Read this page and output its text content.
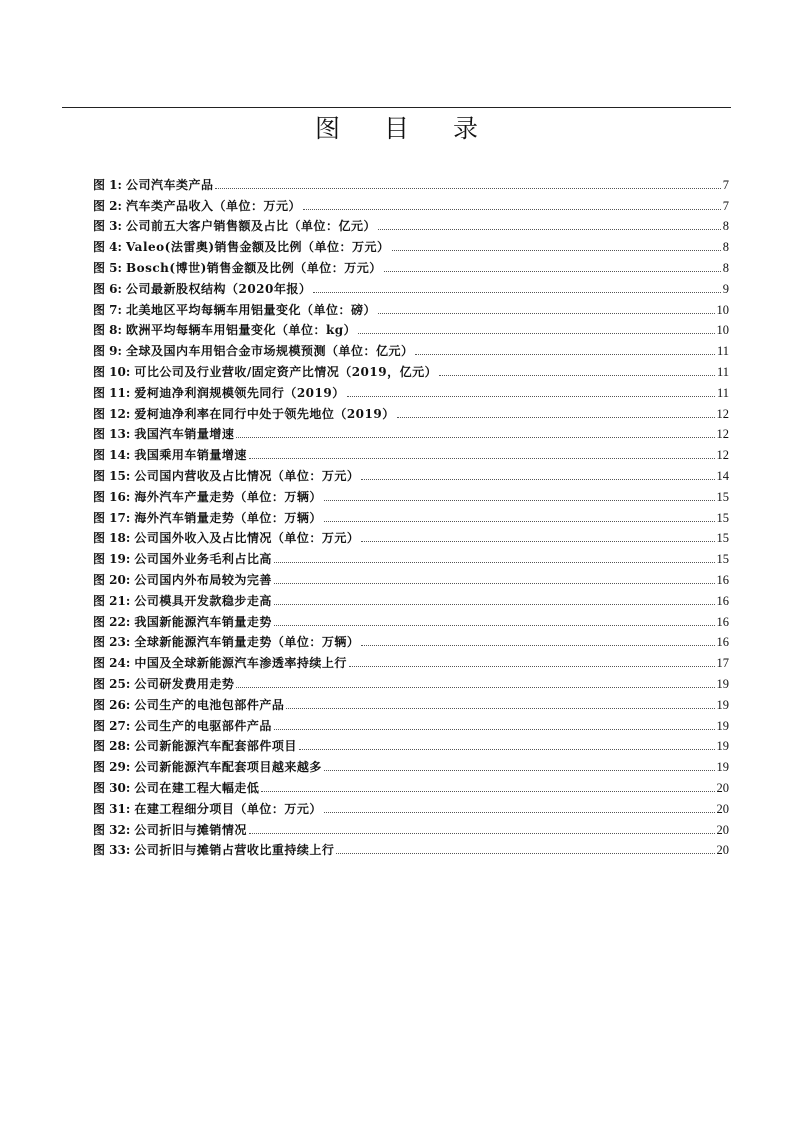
图 目 录
图 1: 公司汽车类产品	7
图 2: 汽车类产品收入（单位：万元）	7
图 3: 公司前五大客户销售额及占比（单位：亿元）	8
图 4: Valeo(法雷奥)销售金额及比例（单位：万元）	8
图 5: Bosch(博世)销售金额及比例（单位：万元）	8
图 6: 公司最新股权结构（2020年报）	9
图 7: 北美地区平均每辆车用铝量变化（单位：磅）	10
图 8: 欧洲平均每辆车用铝量变化（单位：kg）	10
图 9: 全球及国内车用铝合金市场规模预测（单位：亿元）	11
图 10: 可比公司及行业营收/固定资产比情况（2019，亿元）	11
图 11: 爱柯迪净利润规模领先同行（2019）	11
图 12: 爱柯迪净利率在同行中处于领先地位（2019）	12
图 13: 我国汽车销量增速	12
图 14: 我国乘用车销量增速	12
图 15: 公司国内营收及占比情况（单位：万元）	14
图 16: 海外汽车产量走势（单位：万辆）	15
图 17: 海外汽车销量走势（单位：万辆）	15
图 18: 公司国外收入及占比情况（单位：万元）	15
图 19: 公司国外业务毛利占比高	15
图 20: 公司国内外布局较为完善	16
图 21: 公司模具开发款稳步走高	16
图 22: 我国新能源汽车销量走势	16
图 23: 全球新能源汽车销量走势（单位：万辆）	16
图 24: 中国及全球新能源汽车渗透率持续上行	17
图 25: 公司研发费用走势	19
图 26: 公司生产的电池包部件产品	19
图 27: 公司生产的电驱部件产品	19
图 28: 公司新能源汽车配套部件项目	19
图 29: 公司新能源汽车配套项目越来越多	19
图 30: 公司在建工程大幅走低	20
图 31: 在建工程细分项目（单位：万元）	20
图 32: 公司折旧与摊销情况	20
图 33: 公司折旧与摊销占营收比重持续上行	20
